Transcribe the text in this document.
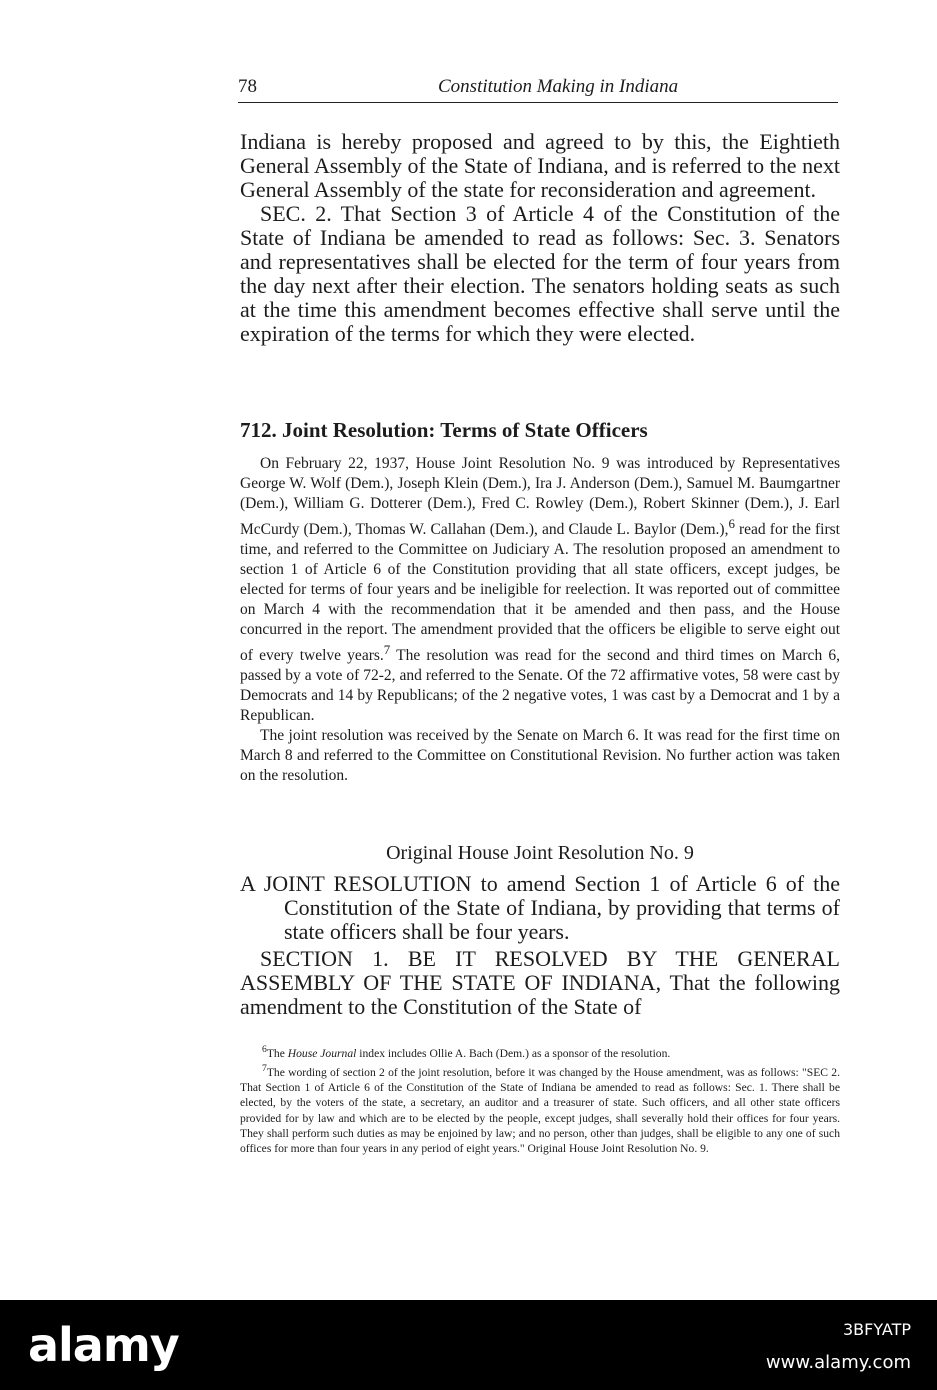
78	Constitution Making in Indiana

Indiana is hereby proposed and agreed to by this, the Eightieth General Assembly of the State of Indiana, and is referred to the next General Assembly of the state for reconsideration and agreement.

SEC. 2. That Section 3 of Article 4 of the Constitution of the State of Indiana be amended to read as follows: Sec. 3. Senators and representatives shall be elected for the term of four years from the day next after their election. The senators holding seats as such at the time this amendment becomes effective shall serve until the expiration of the terms for which they were elected.

712. Joint Resolution: Terms of State Officers

On February 22, 1937, House Joint Resolution No. 9 was introduced by Representatives George W. Wolf (Dem.), Joseph Klein (Dem.), Ira J. Anderson (Dem.), Samuel M. Baumgartner (Dem.), William G. Dotterer (Dem.), Fred C. Rowley (Dem.), Robert Skinner (Dem.), J. Earl McCurdy (Dem.), Thomas W. Callahan (Dem.), and Claude L. Baylor (Dem.),$^6$ read for the first time, and referred to the Committee on Judiciary A. The resolution proposed an amendment to section 1 of Article 6 of the Constitution providing that all state officers, except judges, be elected for terms of four years and be ineligible for reelection. It was reported out of committee on March 4 with the recommendation that it be amended and then pass, and the House concurred in the report. The amendment provided that the officers be eligible to serve eight out of every twelve years.$^7$ The resolution was read for the second and third times on March 6, passed by a vote of 72-2, and referred to the Senate. Of the 72 affirmative votes, 58 were cast by Democrats and 14 by Republicans; of the 2 negative votes, 1 was cast by a Democrat and 1 by a Republican.

The joint resolution was received by the Senate on March 6. It was read for the first time on March 8 and referred to the Committee on Constitutional Revision. No further action was taken on the resolution.

Original House Joint Resolution No. 9

A JOINT RESOLUTION to amend Section 1 of Article 6 of the Constitution of the State of Indiana, by providing that terms of state officers shall be four years.

SECTION 1. BE IT RESOLVED BY THE GENERAL ASSEMBLY OF THE STATE OF INDIANA, That the following amendment to the Constitution of the State of

$^6$The House Journal index includes Ollie A. Bach (Dem.) as a sponsor of the resolution.

$^7$The wording of section 2 of the joint resolution, before it was changed by the House amendment, was as follows: "SEC 2. That Section 1 of Article 6 of the Constitution of the State of Indiana be amended to read as follows: Sec. 1. There shall be elected, by the voters of the state, a secretary, an auditor and a treasurer of state. Such officers, and all other state officers provided for by law and which are to be elected by the people, except judges, shall severally hold their offices for four years. They shall perform such duties as may be enjoined by law; and no person, other than judges, shall be eligible to any one of such offices for more than four years in any period of eight years." Original House Joint Resolution No. 9.

alamy	3BFYATP
www.alamy.com
